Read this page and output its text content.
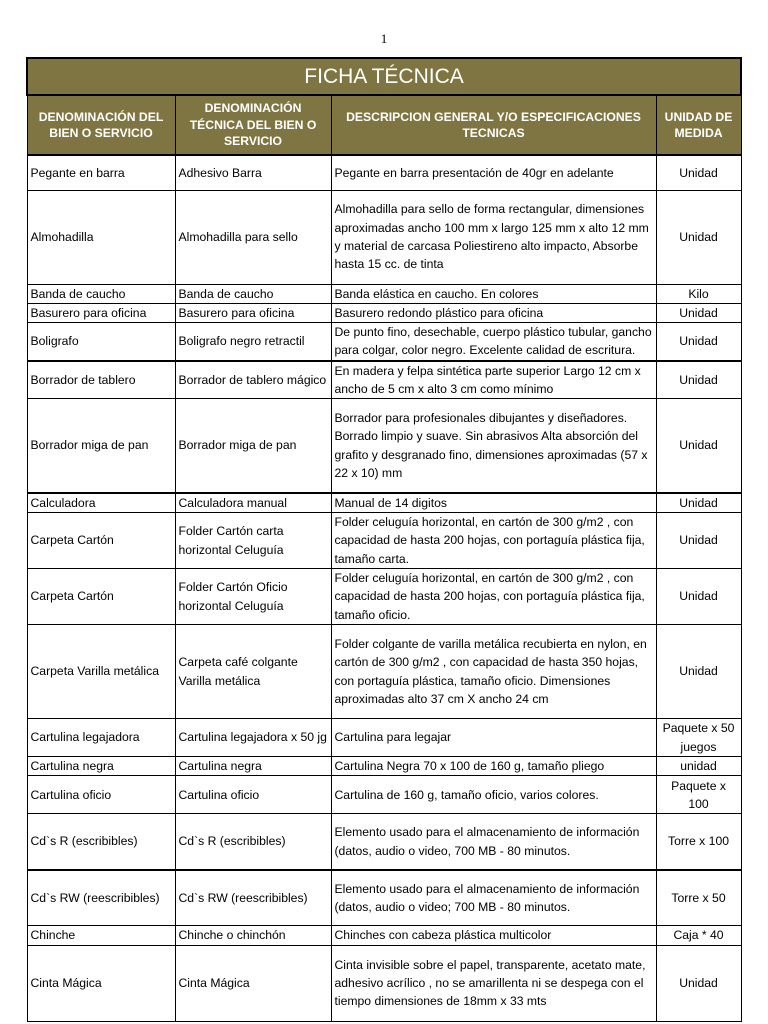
1
FICHA TÉCNICA			
DENOMINACIÓN DEL BIEN O SERVICIO	DENOMINACIÓN TÉCNICA DEL BIEN O SERVICIO	DESCRIPCION GENERAL Y/O ESPECIFICACIONES TECNICAS	UNIDAD DE MEDIDA
Pegante en barra	Adhesivo Barra	Pegante en barra presentación de 40gr en adelante	Unidad
Almohadilla	Almohadilla para sello	Almohadilla para sello de forma rectangular, dimensiones aproximadas ancho 100 mm x largo 125 mm x alto 12 mm y material de carcasa Poliestireno alto impacto, Absorbe hasta 15 cc. de tinta	Unidad
Banda de caucho	Banda de caucho	Banda elástica en caucho. En colores	Kilo
Basurero para oficina	Basurero para oficina	Basurero redondo plástico para oficina	Unidad
Boligrafo	Boligrafo negro retractil	De punto fino, desechable, cuerpo plástico tubular, gancho para colgar, color negro. Excelente calidad de escritura.	Unidad
Borrador de tablero	Borrador de tablero mágico	En madera y felpa sintética parte superior Largo 12 cm x ancho de 5 cm x alto 3 cm como mínimo	Unidad
Borrador miga de pan	Borrador miga de pan	Borrador para profesionales dibujantes y diseñadores. Borrado limpio y suave. Sin abrasivos Alta absorción del grafito y desgranado fino, dimensiones aproximadas (57 x 22 x 10) mm	Unidad
Calculadora	Calculadora manual	Manual de 14 digitos	Unidad
Carpeta Cartón	Folder Cartón carta horizontal Celuguía	Folder celuguía horizontal, en cartón de 300 g/m2 , con capacidad de hasta 200 hojas, con portaguía plástica fija, tamaño carta.	Unidad
Carpeta Cartón	Folder Cartón Oficio horizontal Celuguía	Folder celuguía horizontal, en cartón de 300 g/m2 , con capacidad de hasta 200 hojas, con portaguía plástica fija, tamaño oficio.	Unidad
Carpeta Varilla metálica	Carpeta café colgante Varilla metálica	Folder colgante de varilla metálica recubierta en nylon, en cartón de 300 g/m2 , con capacidad de hasta 350 hojas, con portaguía plástica, tamaño oficio. Dimensiones aproximadas alto 37 cm X ancho 24 cm	Unidad
Cartulina legajadora	Cartulina legajadora x 50 jg	Cartulina para legajar	Paquete x 50 juegos
Cartulina negra	Cartulina negra	Cartulina Negra 70 x 100 de 160 g, tamaño pliego	unidad
Cartulina oficio	Cartulina oficio	Cartulina de 160 g, tamaño oficio, varios colores.	Paquete x 100
Cd`s R (escribibles)	Cd`s R (escribibles)	Elemento usado para el almacenamiento de información (datos, audio o video, 700 MB - 80 minutos.	Torre x 100
Cd`s RW (reescribibles)	Cd`s RW (reescribibles)	Elemento usado para el almacenamiento de información (datos, audio o video; 700 MB - 80 minutos.	Torre x 50
Chinche	Chinche o chinchón	Chinches con cabeza plástica multicolor	Caja * 40
Cinta Mágica	Cinta Mágica	Cinta invisible sobre el papel, transparente, acetato mate, adhesivo acrílico , no se amarillenta ni se despega con el tiempo dimensiones de 18mm x 33 mts	Unidad
